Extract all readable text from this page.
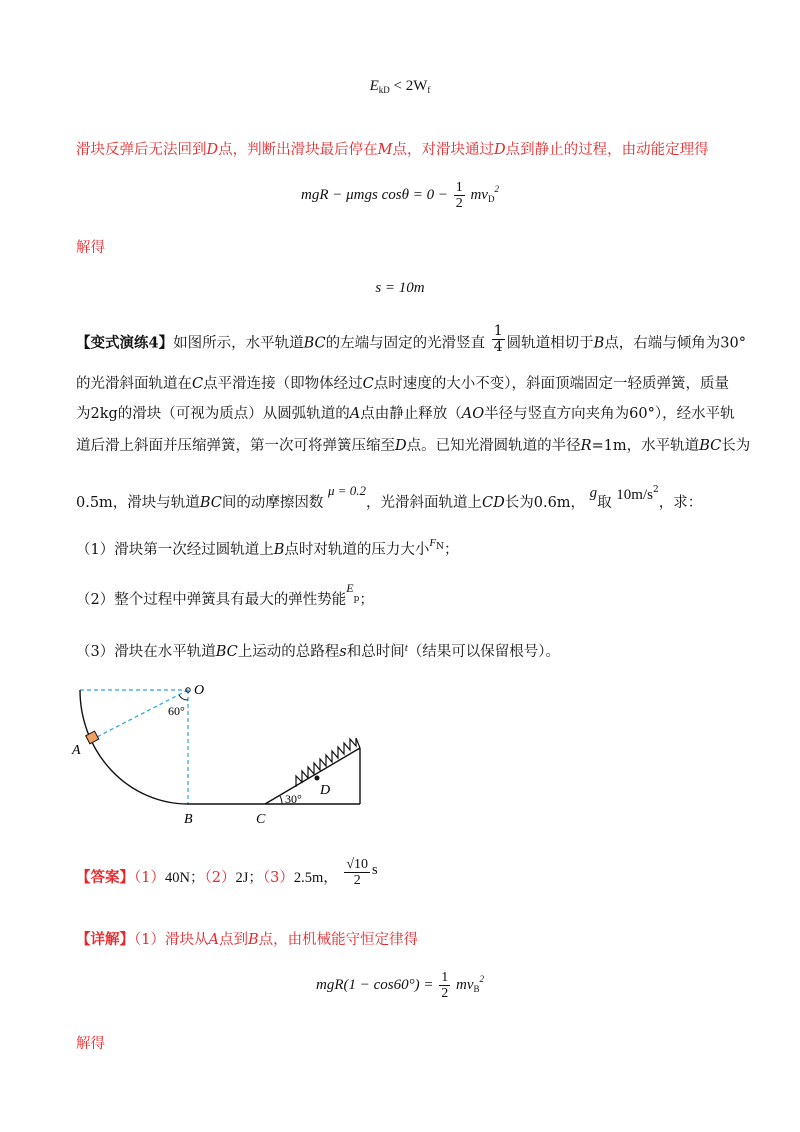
$E_{kD} < 2W_f$
滑块反弹后无法回到D点，判断出滑块最后停在M点，对滑块通过D点到静止的过程，由动能定理得
mgR − μmgs $\cos\theta = 0 - \frac{1}{2} mv_D^2$
解得
s = 10m
【变式演练4】如图所示，水平轨道BC的左端与固定的光滑竖直 $\frac{1}{4}$ 圆轨道相切于B点，右端与倾角为30°
的光滑斜面轨道在C点平滑连接（即物体经过C点时速度的大小不变），斜面顶端固定一轻质弹簧，质量
为2kg的滑块（可视为质点）从圆弧轨道的A点由静止释放（AO半径与竖直方向夹角为60°），经水平轨
道后滑上斜面并压缩弹簧，第一次可将弹簧压缩至D点。已知光滑圆轨道的半径R=1m，水平轨道BC长为
0.5m，滑块与轨道BC间的动摩擦因数 μ = 0.2，光滑斜面轨道上CD长为0.6m， g取 $10m/s^2$，求：
（1）滑块第一次经过圆轨道上B点时对轨道的压力大小$^{FN}$；
（2）整个过程中弹簧具有最大的弹性势能$^{Ep}$；
（3）滑块在水平轨道BC上运动的总路程s和总时间$^t$（结果可以保留根号）。
O
60°
A
B	C
D
30°
【答案】（1）40N；（2）2J；（3）2.5m， $\frac{√10}{2}$ s
【详解】（1）滑块从A点到B点，由机械能守恒定律得
$mgR(1 - \cos 60^\circ) = \frac{1}{2} mv_B^2$
解得
